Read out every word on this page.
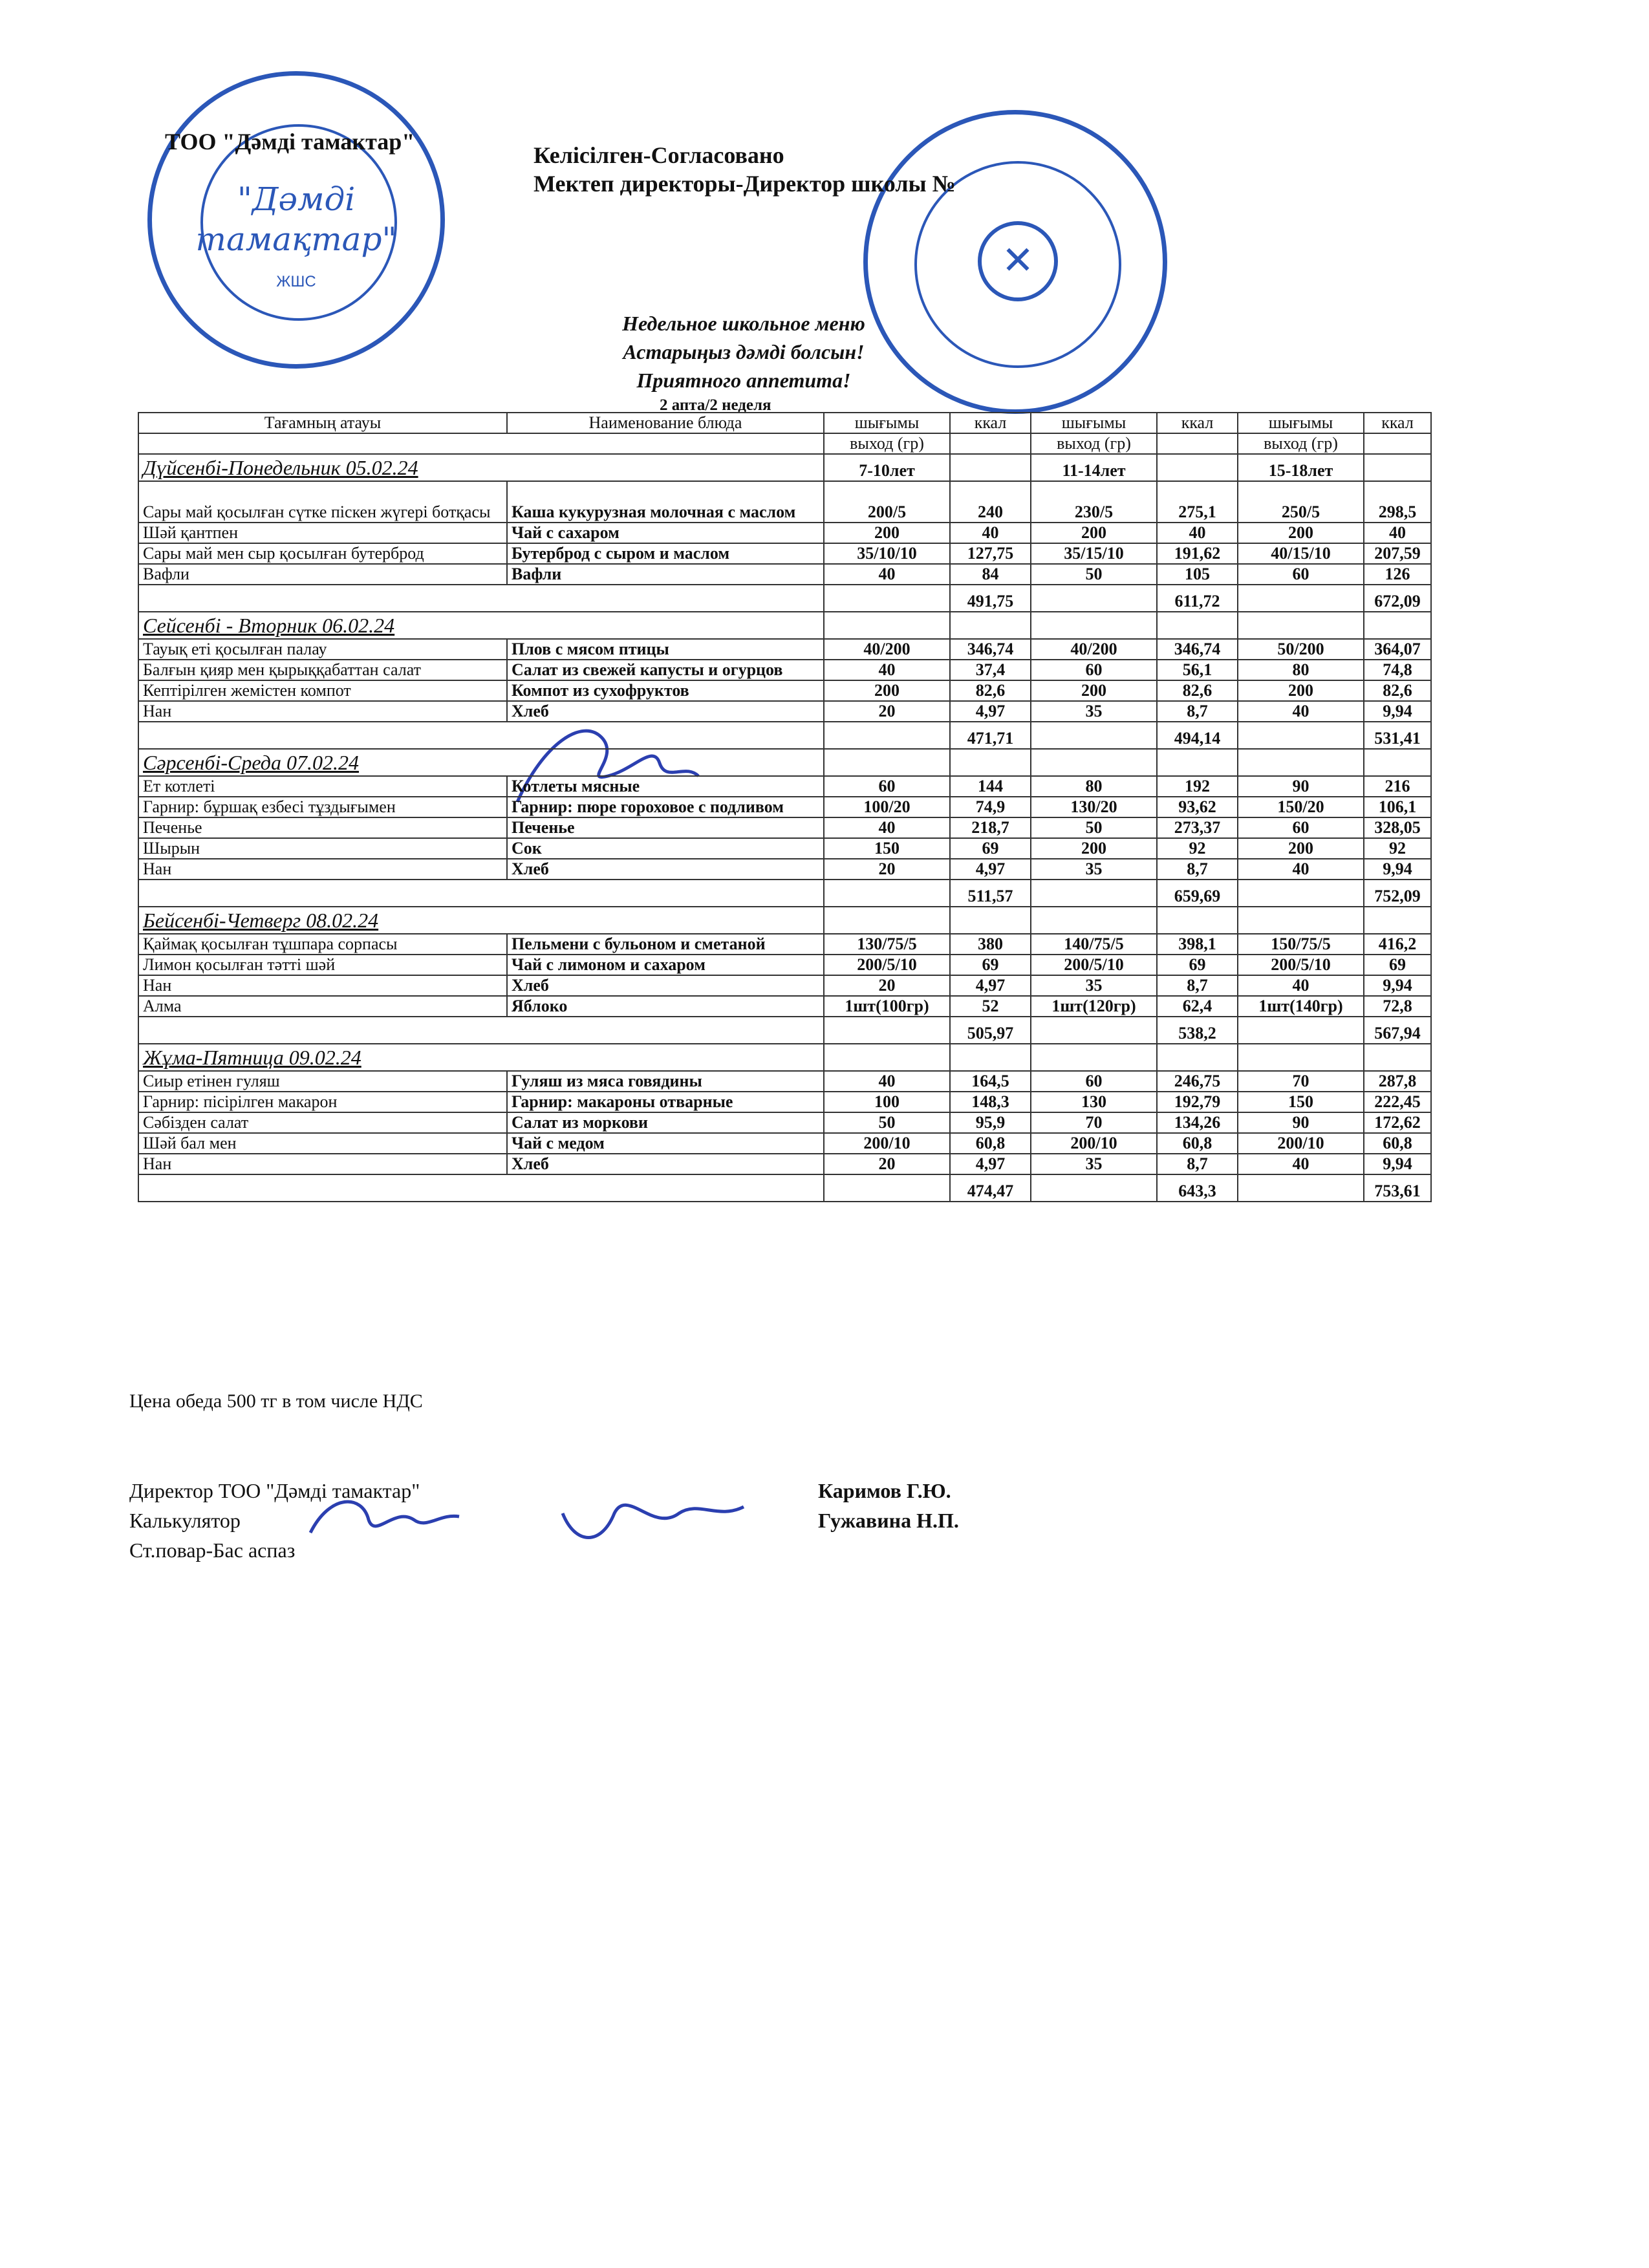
"Дәмді
тамақтар"
ЖШС
✕
ТОО "Дәмді тамактар"
Келісілген-Согласовано
Мектеп директоры-Директор школы №
Недельное школьное меню
Астарыңыз дәмді болсын!
Приятного аппетита!
2 апта/2 неделя
Тағамның атауы	Наименование блюда	шығымы	ккал	шығымы	ккал	шығымы	ккал
		выход (гр)		выход (гр)		выход (гр)	
Дүйсенбі-Понедельник 05.02.24		7-10лет		11-14лет		15-18лет	
Сары май қосылған сүтке піскен жүгері ботқасы	Каша кукурузная молочная с маслом	200/5	240	230/5	275,1	250/5	298,5
Шәй қантпен	Чай с сахаром	200	40	200	40	200	40
Сары май мен сыр қосылған бутерброд	Бутерброд с сыром и маслом	35/10/10	127,75	35/15/10	191,62	40/15/10	207,59
Вафли	Вафли	40	84	50	105	60	126
			491,75		611,72		672,09
Сейсенбі - Вторник 06.02.24							
Тауық еті қосылған палау	Плов с мясом птицы	40/200	346,74	40/200	346,74	50/200	364,07
Балғын қияр мен қырыққабаттан салат	Салат из свежей капусты и огурцов	40	37,4	60	56,1	80	74,8
Кептірілген жемістен компот	Компот из сухофруктов	200	82,6	200	82,6	200	82,6
Нан	Хлеб	20	4,97	35	8,7	40	9,94
			471,71		494,14		531,41
Сәрсенбі-Среда 07.02.24							
Ет котлеті	Котлеты мясные	60	144	80	192	90	216
Гарнир: бұршақ езбесі тұздығымен	Гарнир: пюре гороховое с подливом	100/20	74,9	130/20	93,62	150/20	106,1
Печенье	Печенье	40	218,7	50	273,37	60	328,05
Шырын	Сок	150	69	200	92	200	92
Нан	Хлеб	20	4,97	35	8,7	40	9,94
			511,57		659,69		752,09
Бейсенбі-Четверг 08.02.24							
Қаймақ қосылған тұшпара сорпасы	Пельмени с бульоном и сметаной	130/75/5	380	140/75/5	398,1	150/75/5	416,2
Лимон қосылған тәтті шәй	Чай с лимоном и сахаром	200/5/10	69	200/5/10	69	200/5/10	69
Нан	Хлеб	20	4,97	35	8,7	40	9,94
Алма	Яблоко	1шт(100гр)	52	1шт(120гр)	62,4	1шт(140гр)	72,8
			505,97		538,2		567,94
Жұма-Пятница 09.02.24							
Сиыр етінен гуляш	Гуляш из мяса говядины	40	164,5	60	246,75	70	287,8
Гарнир: пісірілген макарон	Гарнир: макароны отварные	100	148,3	130	192,79	150	222,45
Сәбізден салат	Салат из моркови	50	95,9	70	134,26	90	172,62
Шәй бал мен	Чай с медом	200/10	60,8	200/10	60,8	200/10	60,8
Нан	Хлеб	20	4,97	35	8,7	40	9,94
			474,47		643,3		753,61
Цена обеда 500 тг в том числе НДС
Директор ТОО "Дәмді тамактар"
Калькулятор
Ст.повар-Бас аспаз
Каримов Г.Ю.
Гужавина Н.П.
